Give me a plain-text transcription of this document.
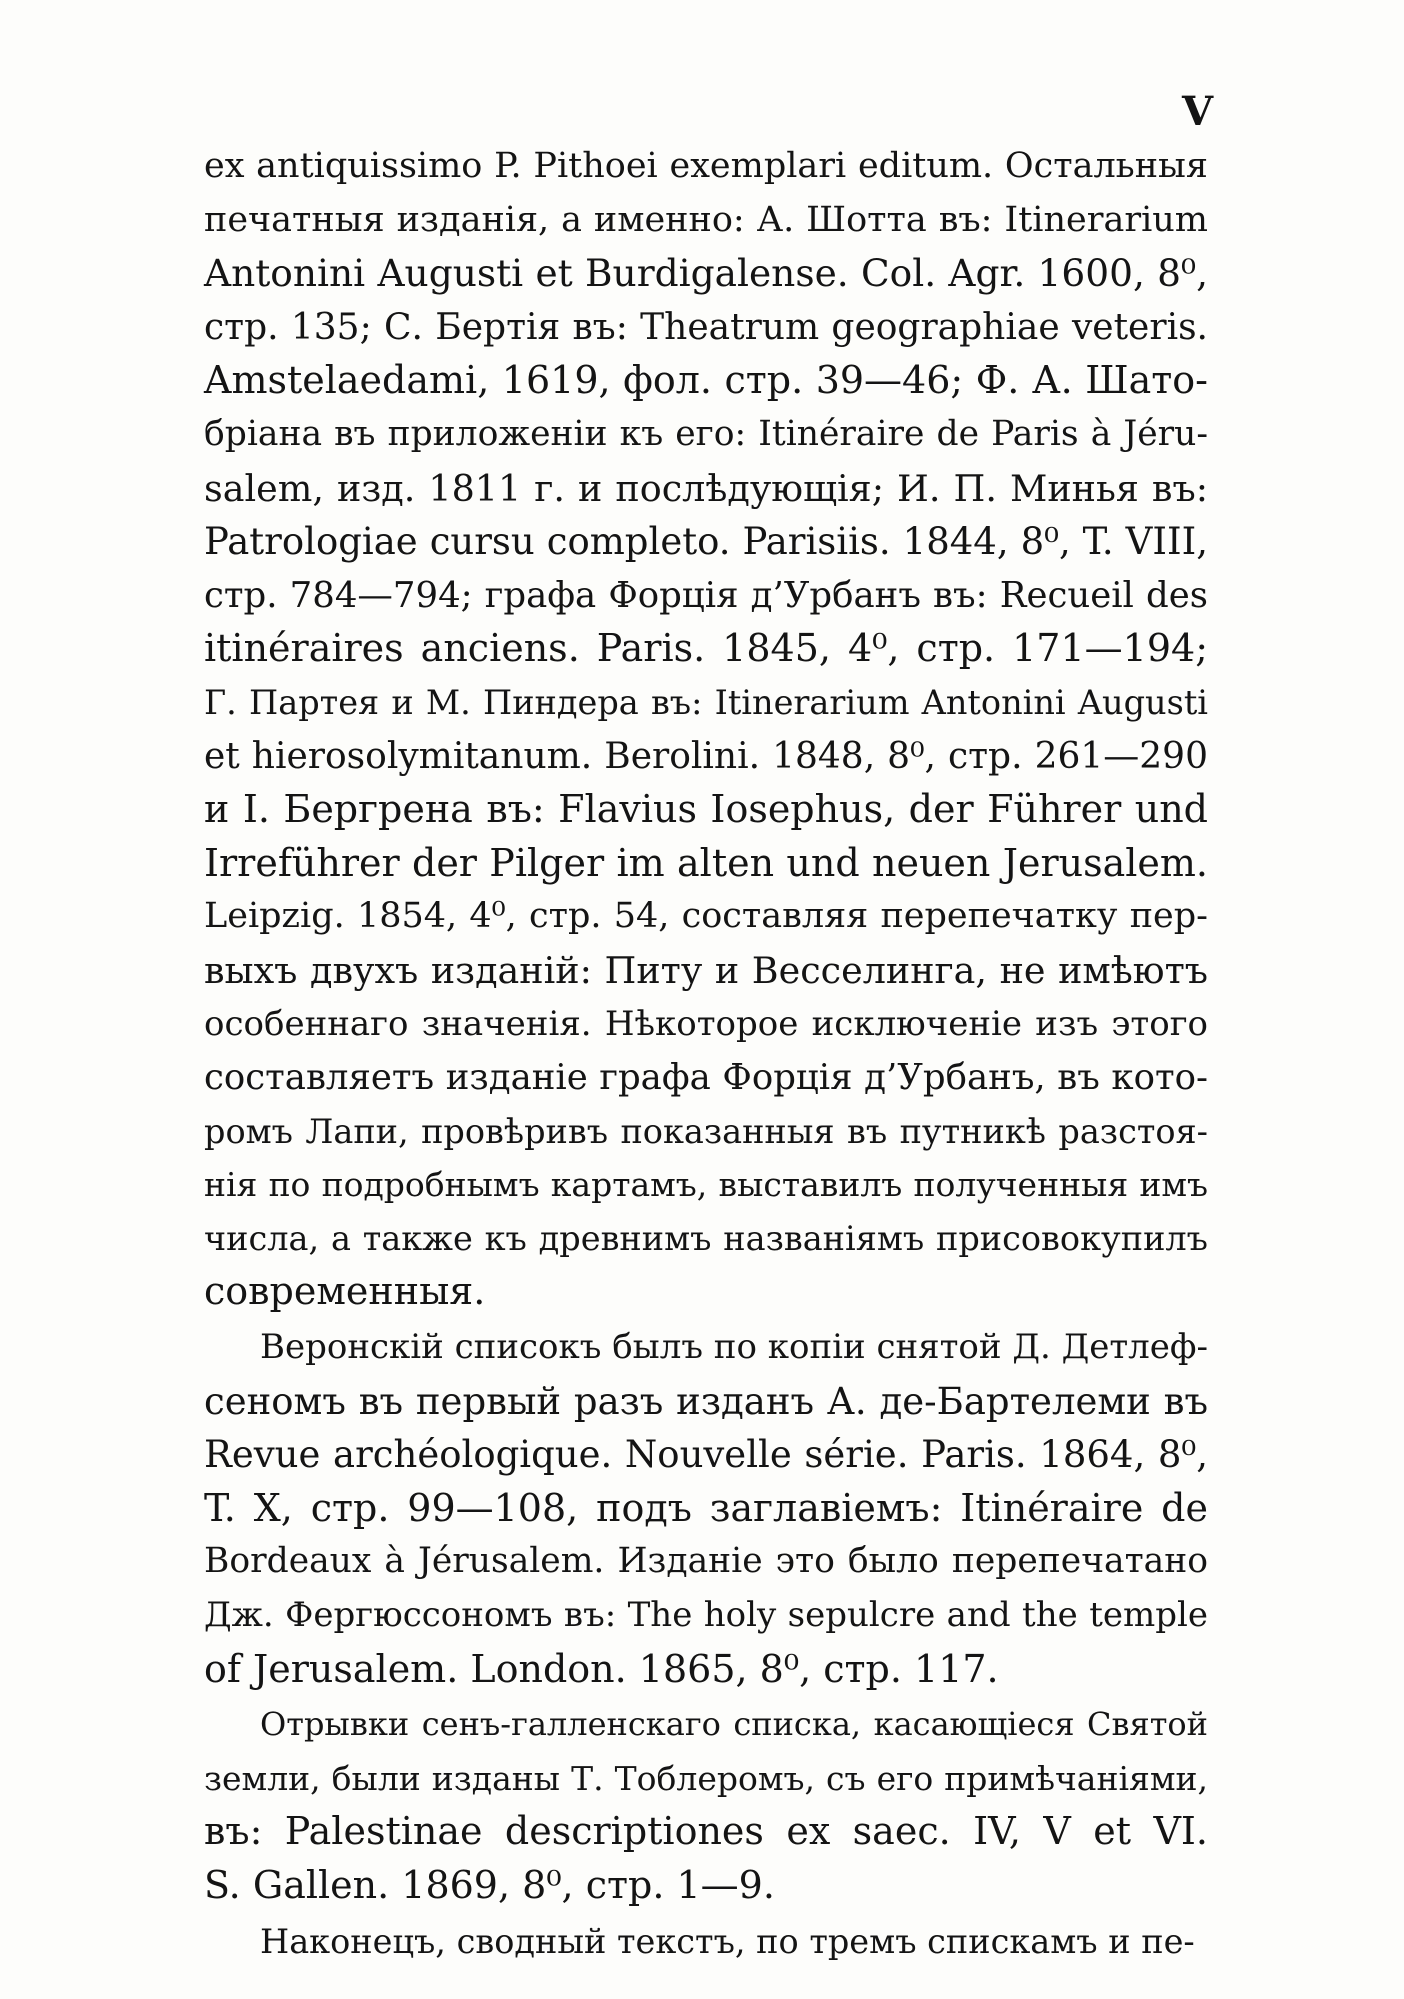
V

ex antiquissimo P. Pithoei exemplari editum. Остальныя
печатныя изданія, а именно: А. Шотта въ: Itinerarium
Antonini Augusti et Burdigalense. Col. Agr. 1600, 8⁰,
стр. 135; С. Бертія въ: Theatrum geographiae veteris.
Amstelaedami, 1619, фол. стр. 39—46; Ф. А. Шато-
бріана въ приложеніи къ его: Itinéraire de Paris à Jéru-
salem, изд. 1811 г. и послѣдующія; И. П. Минья въ:
Patrologiae cursu completo. Parisiis. 1844, 8⁰, T. VIII,
стр. 784—794; графа Форція д’Урбанъ въ: Recueil des
itinéraires anciens. Paris. 1845, 4⁰, стр. 171—194;
Г. Партея и М. Пиндера въ: Itinerarium Antonini Augusti
et hierosolymitanum. Berolini. 1848, 8⁰, стр. 261—290
и I. Бергрена въ: Flavius Iosephus, der Führer und
Irreführer der Pilger im alten und neuen Jerusalem.
Leipzig. 1854, 4⁰, стр. 54, составляя перепечатку пер-
выхъ двухъ изданій: Питу и Весселинга, не имѣютъ
особеннаго значенія. Нѣкоторое исключеніе изъ этого
составляетъ изданіе графа Форція д’Урбанъ, въ кото-
ромъ Лапи, провѣривъ показанныя въ путникѣ разстоя-
нія по подробнымъ картамъ, выставилъ полученныя имъ
числа, а также къ древнимъ названіямъ присовокупилъ
современныя.

Веронскій списокъ былъ по копіи снятой Д. Детлеф-
сеномъ въ первый разъ изданъ А. де-Бартелеми въ
Revue archéologique. Nouvelle série. Paris. 1864, 8⁰,
T. X, стр. 99—108, подъ заглавіемъ: Itinéraire de
Bordeaux à Jérusalem. Изданіе это было перепечатано
Дж. Фергюссономъ въ: The holy sepulcre and the temple
of Jerusalem. London. 1865, 8⁰, стр. 117.

Отрывки сенъ-галленскаго списка, касающіеся Святой
земли, были изданы Т. Тоблеромъ, съ его примѣчаніями,
въ: Palestinae descriptiones ex saec. IV, V et VI.
S. Gallen. 1869, 8⁰, стр. 1—9.

Наконецъ, сводный текстъ, по тремъ спискамъ и пе-
